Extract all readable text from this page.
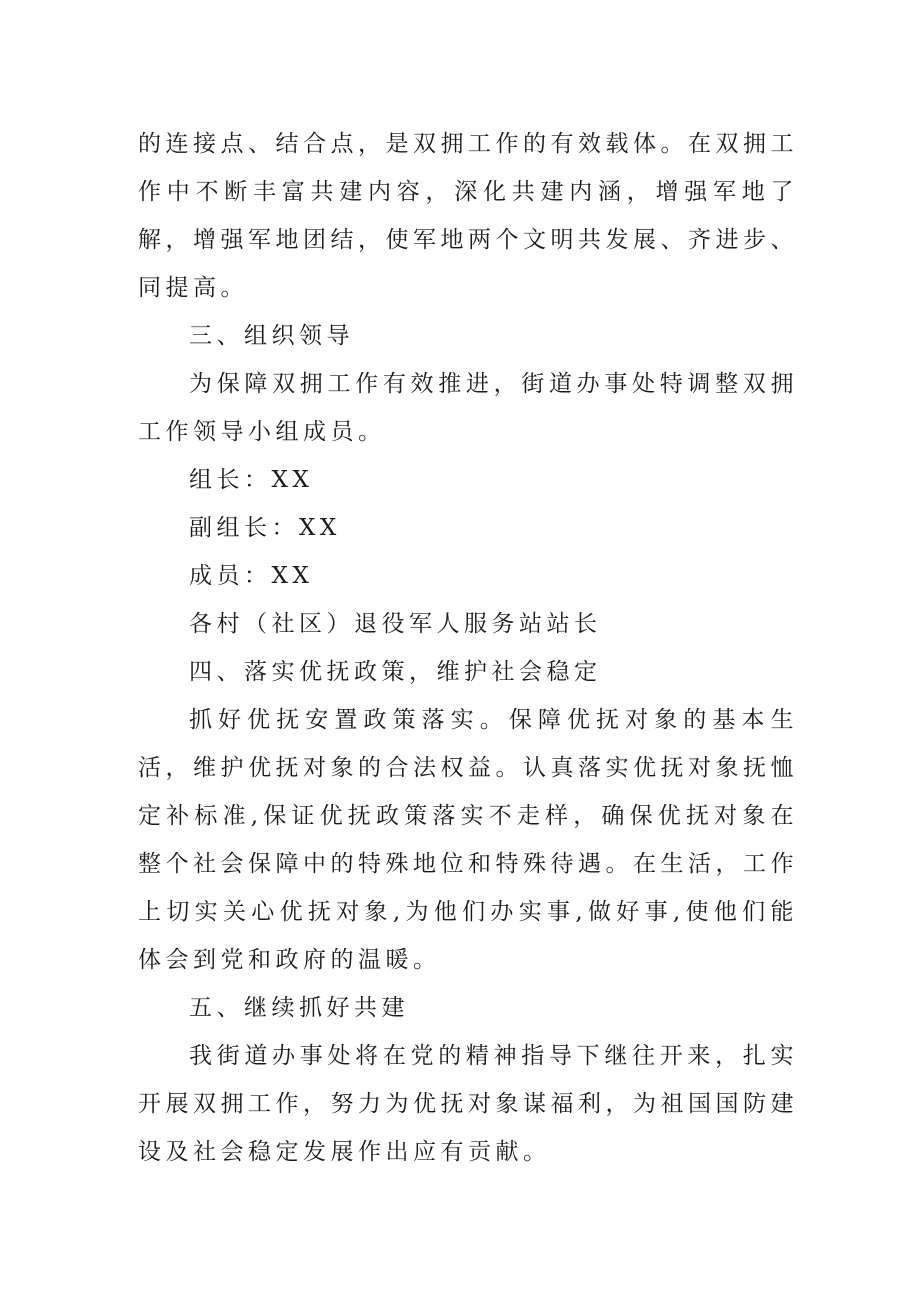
的连接点、结合点，是双拥工作的有效载体。在双拥工作中不断丰富共建内容，深化共建内涵，增强军地了解，增强军地团结，使军地两个文明共发展、齐进步、同提高。

三、组织领导

为保障双拥工作有效推进，街道办事处特调整双拥工作领导小组成员。

组长：XX

副组长：XX

成员：XX

各村（社区）退役军人服务站站长

四、落实优抚政策，维护社会稳定

抓好优抚安置政策落实。保障优抚对象的基本生活，维护优抚对象的合法权益。认真落实优抚对象抚恤定补标准,保证优抚政策落实不走样，确保优抚对象在整个社会保障中的特殊地位和特殊待遇。在生活，工作上切实关心优抚对象,为他们办实事,做好事,使他们能体会到党和政府的温暖。

五、继续抓好共建

我街道办事处将在党的精神指导下继往开来，扎实开展双拥工作，努力为优抚对象谋福利，为祖国国防建设及社会稳定发展作出应有贡献。
